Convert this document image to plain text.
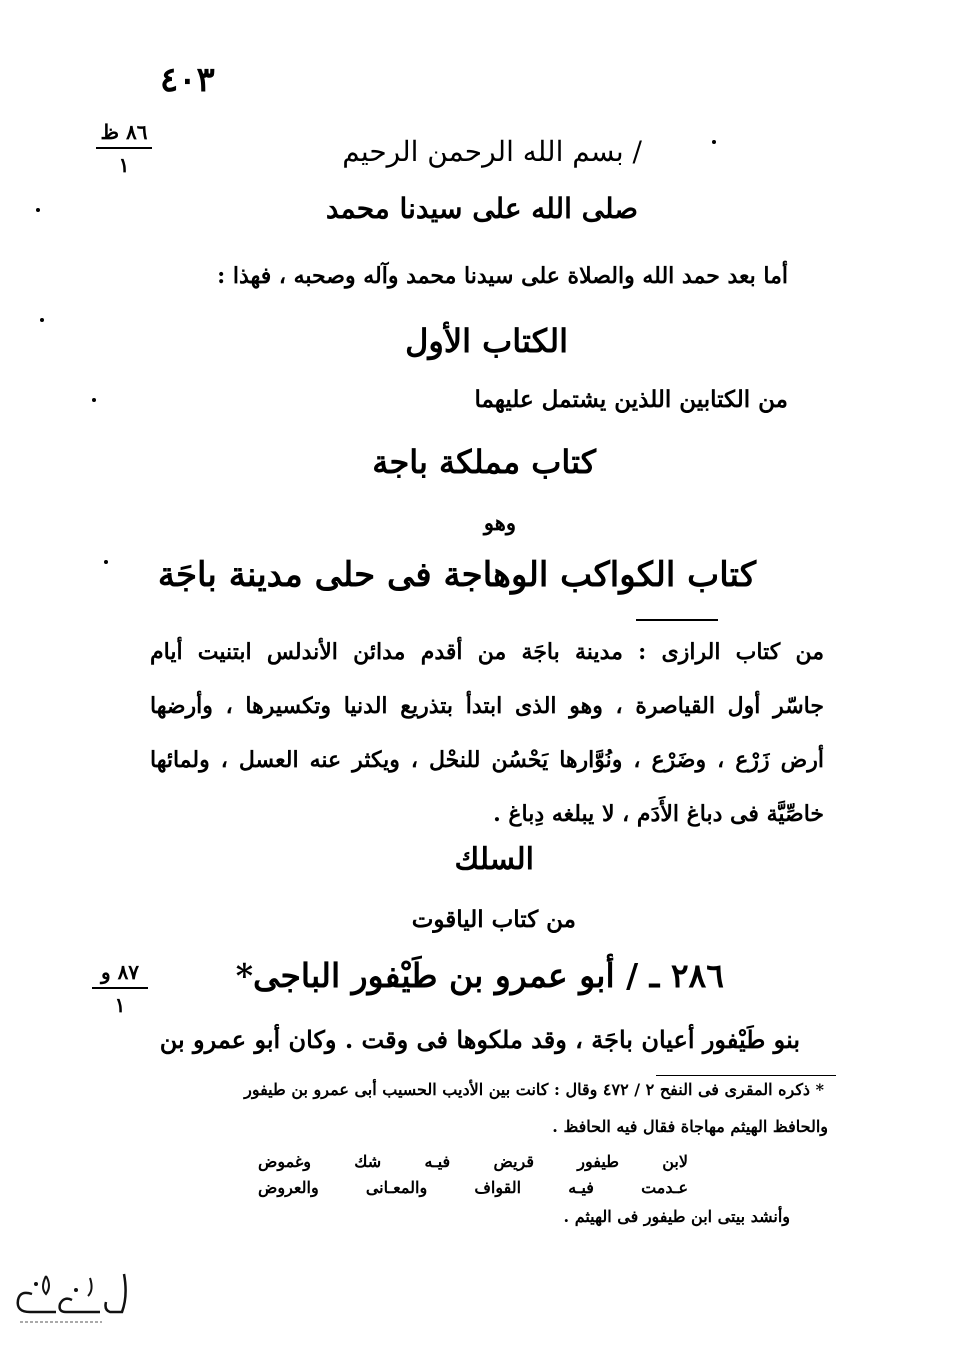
٤٠٣
٨٦ ظ
١	/ بسم الله الرحمن الرحيم
صلى الله على سيدنا محمد
أما بعد حمد الله والصلاة على سيدنا محمد وآله وصحبه ، فهذا :
الكتاب الأول
من الكتابين اللذين يشتمل عليهما
كتاب مملكة باجة
وهو
كتاب الكواكب الوهاجة فى حلى مدينة باجَة
من كتاب الرازى : مدينة باجَة من أقدم مدائن الأندلس ابتنيت أيام
جاسّر أول القياصرة ، وهو الذى ابتدأ بتذريع الدنيا وتكسيرها ، وأرضها
أرض زَرْع ، وضَرْع ، ونُوَّارها يَحْسُن للنحْل ، ويكثر عنه العسل ، ولمائها
خاصِّيَّة فى دباغ الأَدَم ، لا يبلغه دِباغ .
السلك
من كتاب الياقوت
٨٧ و
١
٢٨٦ ـ / أبو عمرو بن طَيْفور الباجى*
بنو طَيْفور أعيان باجَة ، وقد ملكوها فى وقت . وكان أبو عمرو بن
* ذكره المقرى فى النفح ٢ / ٤٧٢ وقال : كانت بين الأديب الحسيب أبى عمرو بن طيفور
والحافظ الهيثم مهاجاة فقال فيه الحافظ .
لابن
طيفور
قريض
فيـه
شك
وغموض
عـدمت
فيـه
القواف
والمعـانى
والعروض
وأنشد بيتى ابن طيفور فى الهيثم .
